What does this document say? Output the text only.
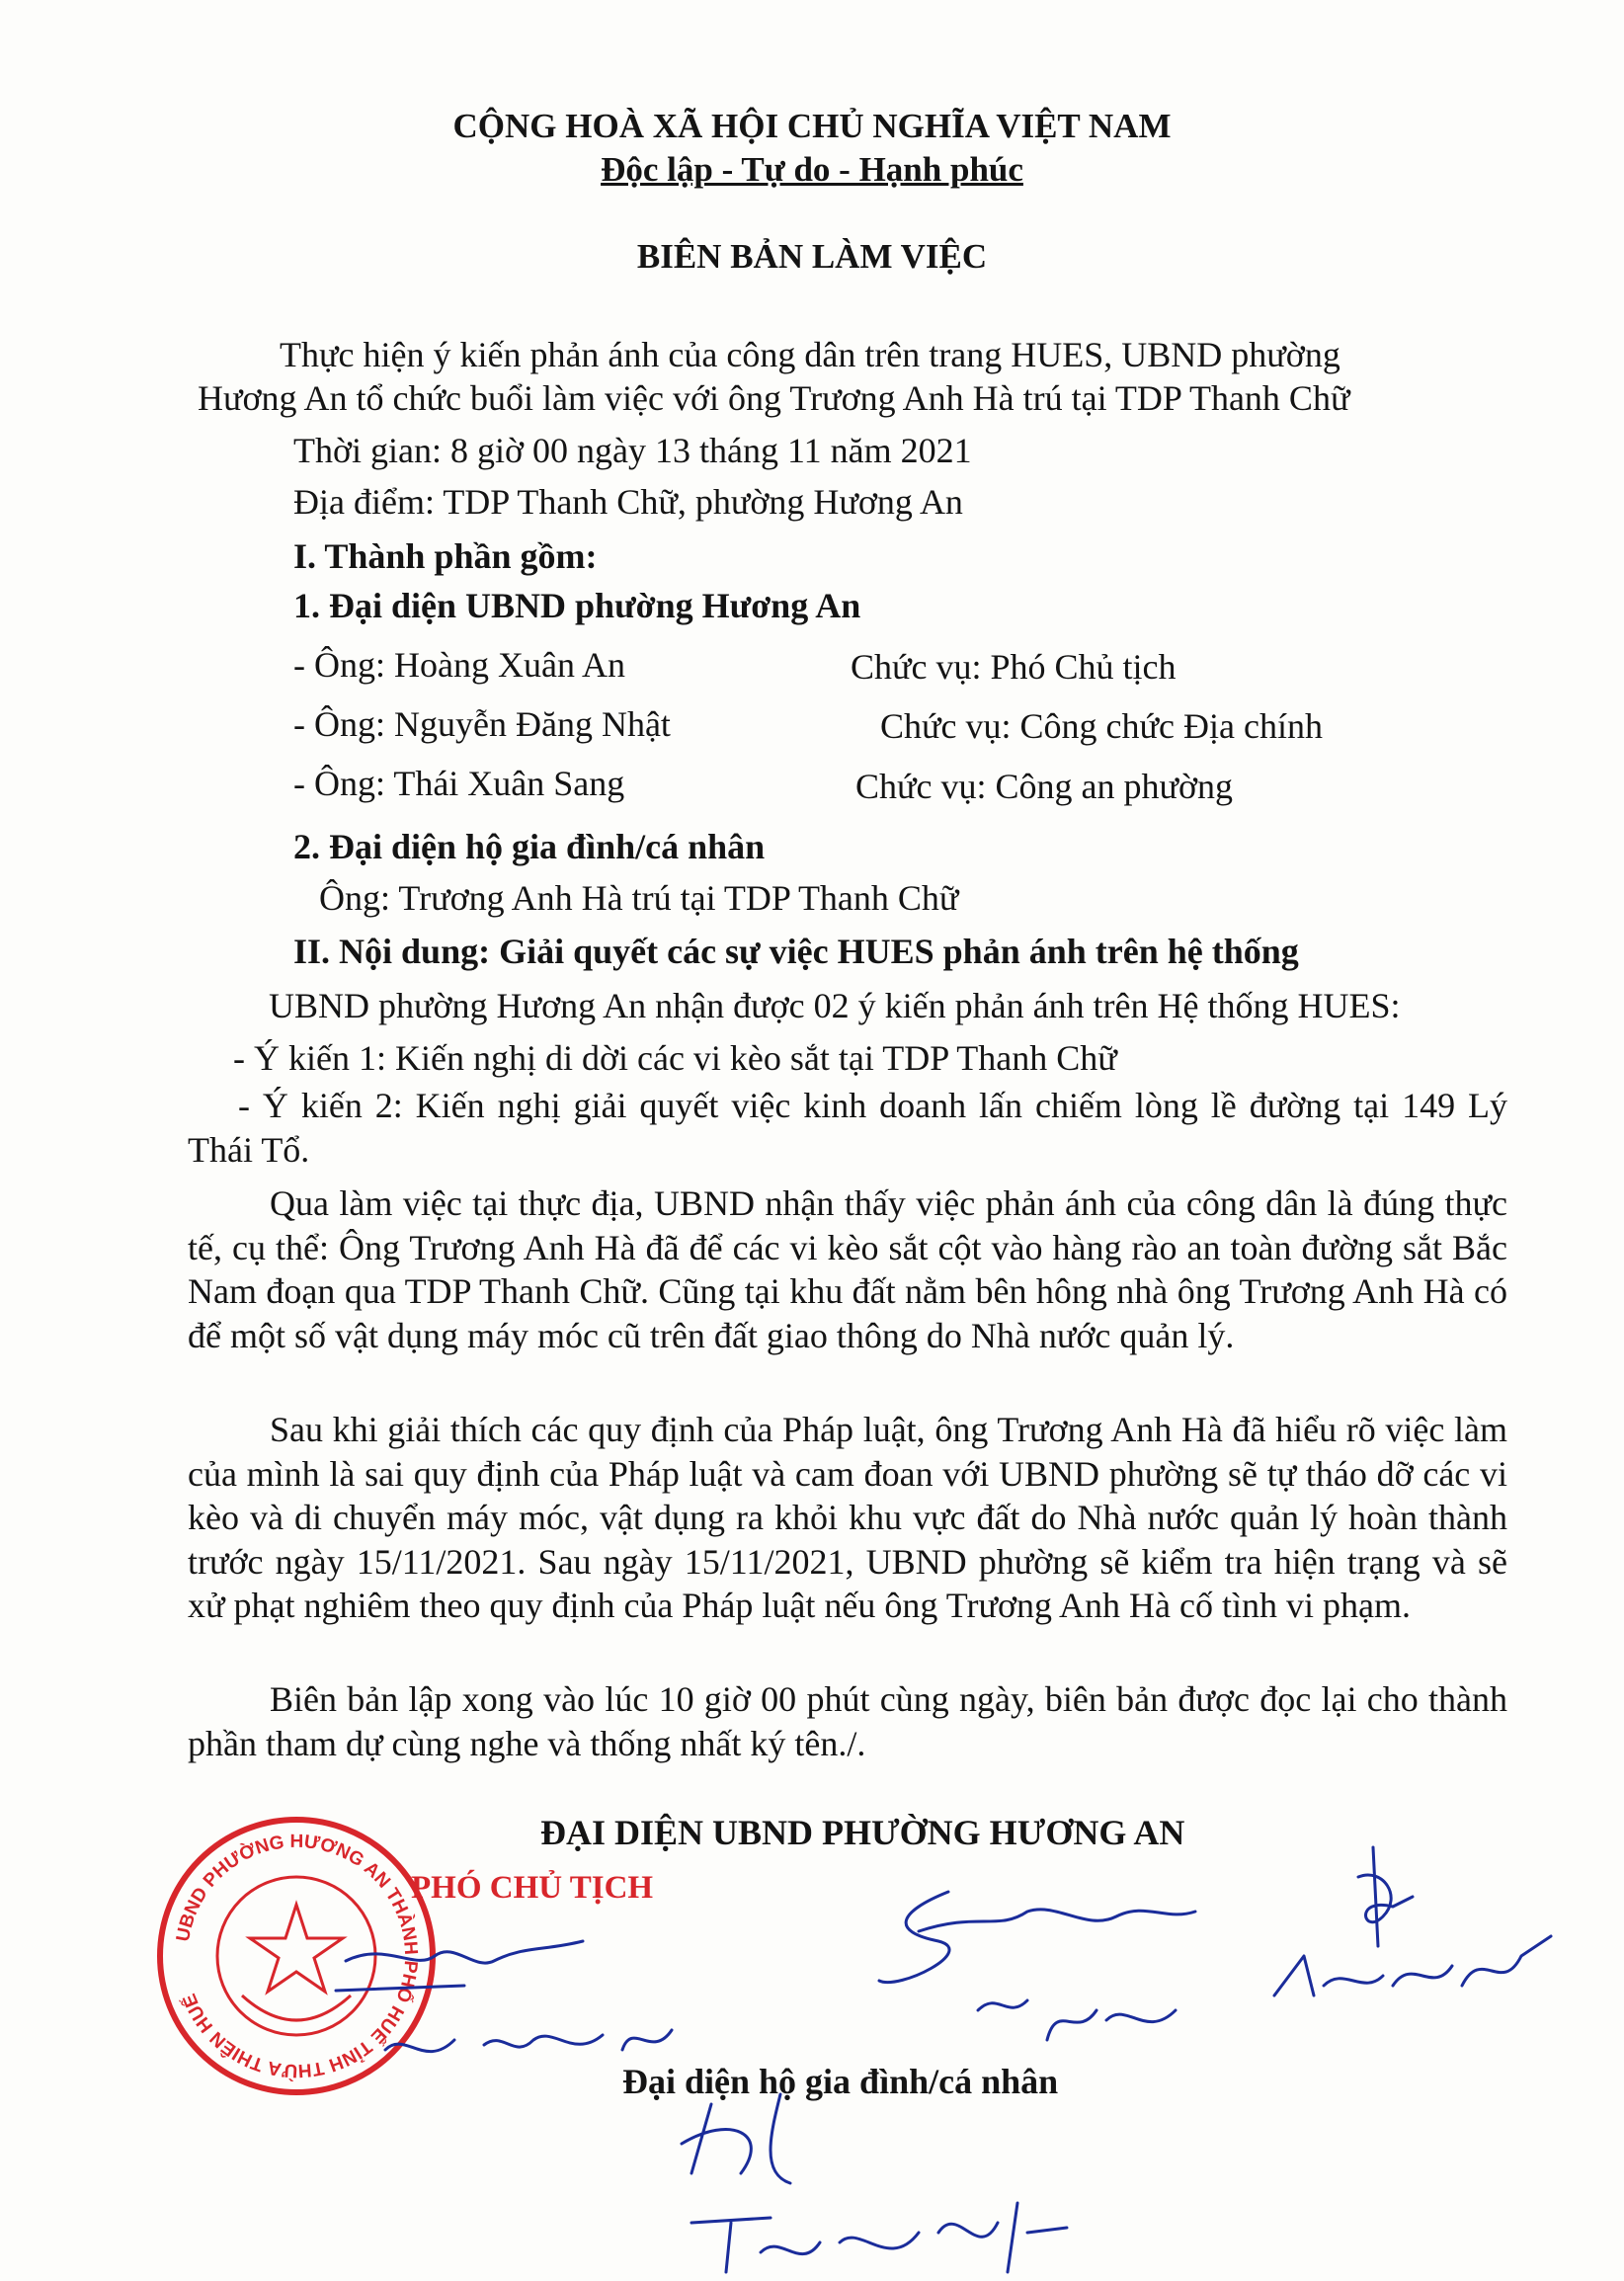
CỘNG HOÀ XÃ HỘI CHỦ NGHĨA VIỆT NAM
Độc lập - Tự do - Hạnh phúc
BIÊN BẢN LÀM VIỆC
Thực hiện ý kiến phản ánh của công dân trên trang HUES, UBND phường
Hương An tổ chức buổi làm việc với ông Trương Anh Hà trú tại TDP Thanh Chữ
Thời gian: 8 giờ 00 ngày 13 tháng 11 năm 2021
Địa điểm: TDP Thanh Chữ, phường Hương An
I. Thành phần gồm:
1. Đại diện UBND phường Hương An
- Ông: Hoàng Xuân An	Chức vụ: Phó Chủ tịch
- Ông: Nguyễn Đăng Nhật	Chức vụ: Công chức Địa chính
- Ông: Thái Xuân Sang	Chức vụ: Công an phường
2. Đại diện hộ gia đình/cá nhân
Ông: Trương Anh Hà trú tại TDP Thanh Chữ
II. Nội dung: Giải quyết các sự việc HUES phản ánh trên hệ thống
UBND phường Hương An nhận được 02 ý kiến phản ánh trên Hệ thống HUES:
- Ý kiến 1: Kiến nghị di dời các vi kèo sắt tại TDP Thanh Chữ
- Ý kiến 2: Kiến nghị giải quyết việc kinh doanh lấn chiếm lòng lề đường tại 149 Lý Thái Tổ.
Qua làm việc tại thực địa, UBND nhận thấy việc phản ánh của công dân là đúng thực tế, cụ thể: Ông Trương Anh Hà đã để các vi kèo sắt cột vào hàng rào an toàn đường sắt Bắc Nam đoạn qua TDP Thanh Chữ. Cũng tại khu đất nằm bên hông nhà ông Trương Anh Hà có để một số vật dụng máy móc cũ trên đất giao thông do Nhà nước quản lý.
Sau khi giải thích các quy định của Pháp luật, ông Trương Anh Hà đã hiểu rõ việc làm của mình là sai quy định của Pháp luật và cam đoan với UBND phường sẽ tự tháo dỡ các vi kèo và di chuyển máy móc, vật dụng ra khỏi khu vực đất do Nhà nước quản lý hoàn thành trước ngày 15/11/2021. Sau ngày 15/11/2021, UBND phường sẽ kiểm tra hiện trạng và sẽ xử phạt nghiêm theo quy định của Pháp luật nếu ông Trương Anh Hà cố tình vi phạm.
Biên bản lập xong vào lúc 10 giờ 00 phút cùng ngày, biên bản được đọc lại cho thành phần tham dự cùng nghe và thống nhất ký tên./.
ĐẠI DIỆN UBND PHƯỜNG HƯƠNG AN
UBND PHƯỜNG HƯƠNG AN THÀNH PHỐ HUẾ TỈNH THỪA THIÊN HUẾ
PHÓ CHỦ TỊCH
Đại diện hộ gia đình/cá nhân
